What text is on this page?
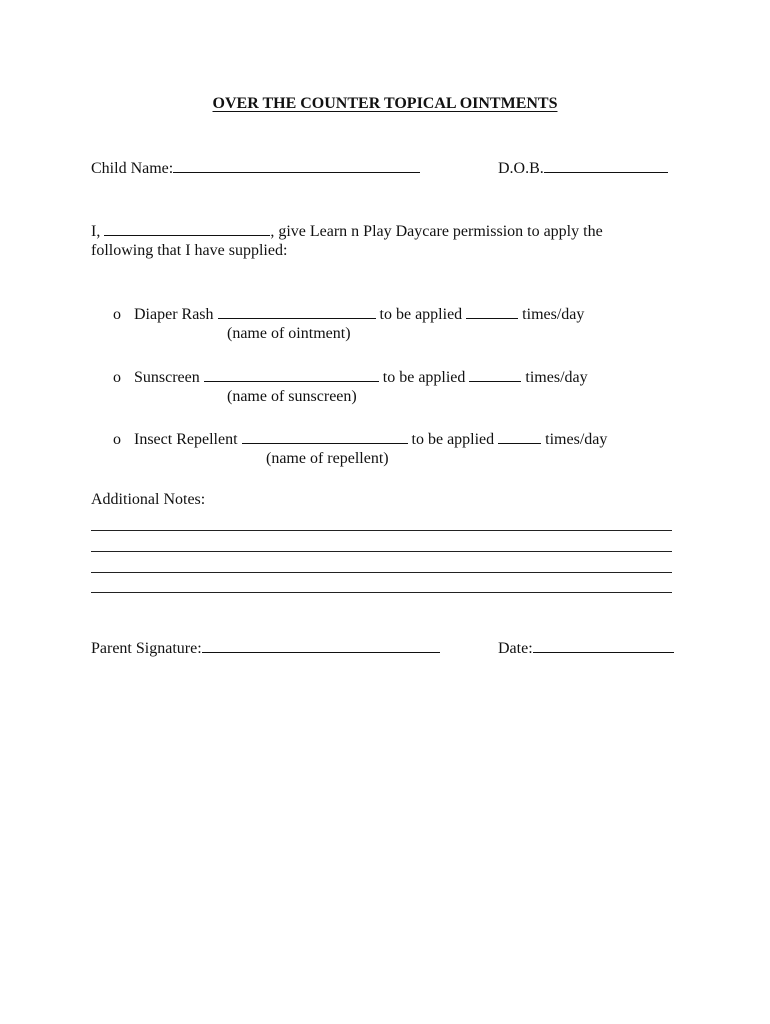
OVER THE COUNTER TOPICAL OINTMENTS
Child Name:	D.O.B.
I,	, give Learn n Play Daycare permission to apply the
following that I have supplied:
o Diaper Rash	to be applied	times/day
(name of ointment)
o Sunscreen	to be applied	times/day
(name of sunscreen)
o Insect Repellent	to be applied	times/day
(name of repellent)
Additional Notes:
Parent Signature:	Date:
